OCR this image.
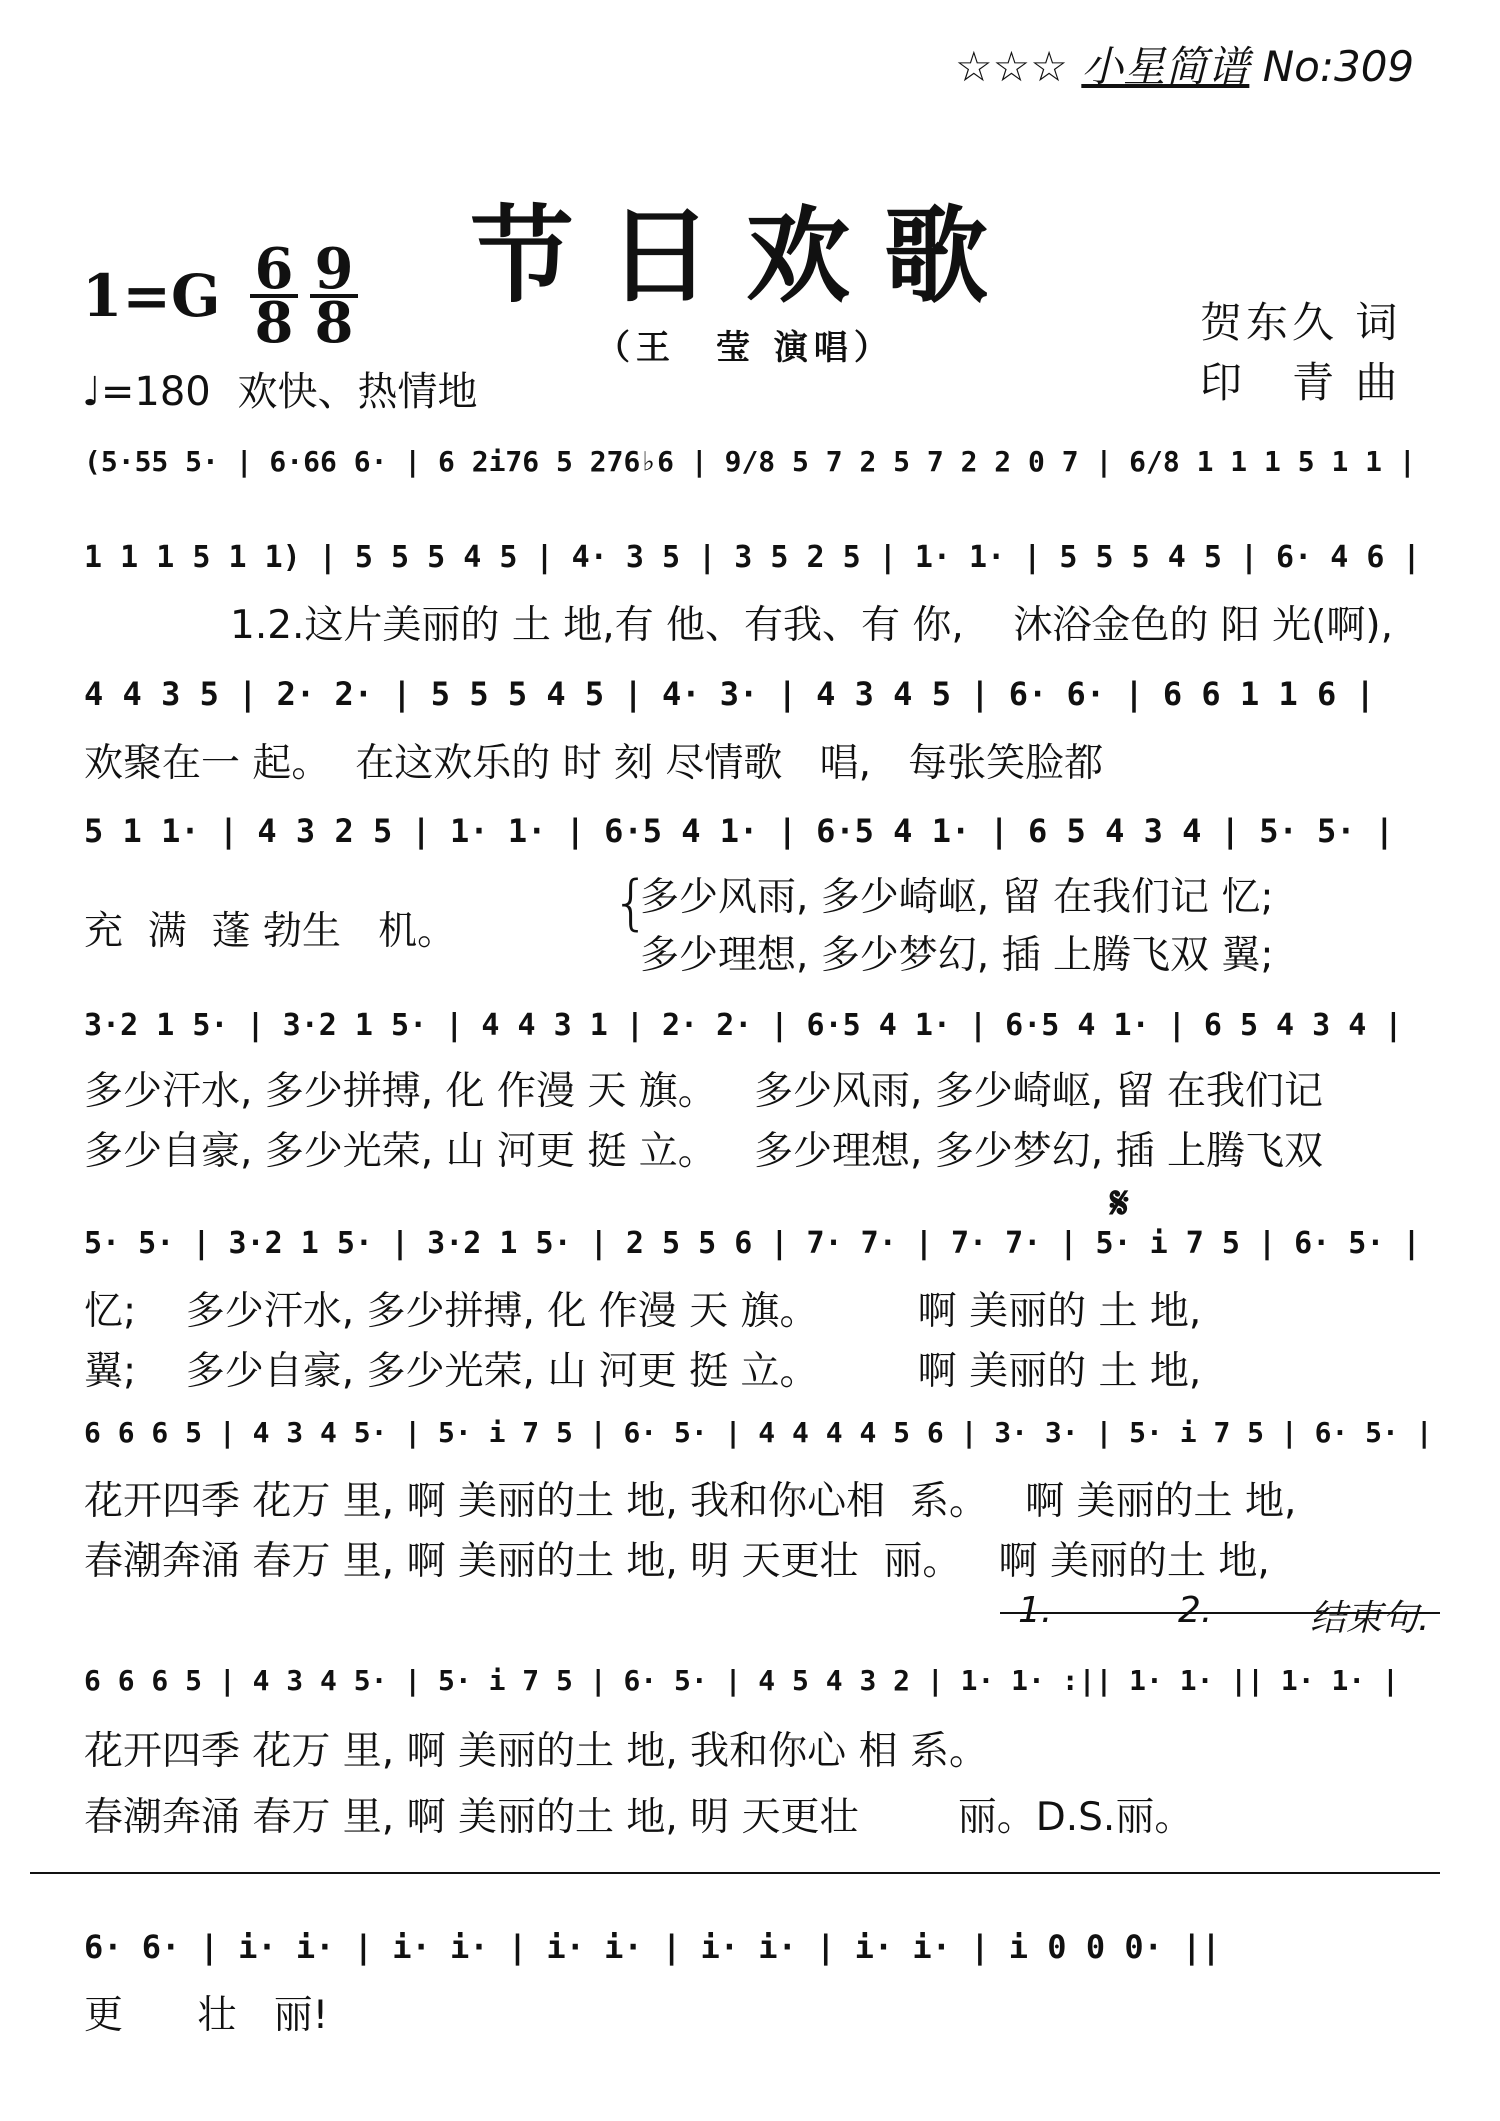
☆☆☆ 小星简谱 No:309
节日欢歌
（王　莹 演唱）
1=G 6
8
9
8
♩=180 欢快、热情地
贺东久 词
印　青 曲
(5·55 5· | 6·66 6· | 6 2i76 5 276♭6 | 9/8 5 7 2 5 7 2 2 0 7 | 6/8 1 1 1 5 1 1 |
1 1 1 5 1 1) | 5 5 5 4 5 | 4· 3 5 | 3 5 2 5 | 1· 1· | 5 5 5 4 5 | 6· 4 6 |
1.2.这片美丽的 土 地,有 他、有我、有 你,    沐浴金色的 阳 光(啊),
4 4 3 5 | 2· 2· | 5 5 5 4 5 | 4· 3· | 4 3 4 5 | 6· 6· | 6 6 1 1 6 |
欢聚在一 起。  在这欢乐的 时 刻 尽情歌   唱,   每张笑脸都
5 1 1· | 4 3 2 5 | 1· 1· | 6·5 4 1· | 6·5 4 1· | 6 5 4 3 4 | 5· 5· |
充  满  蓬 勃生   机。	{
多少风雨, 多少崎岖, 留 在我们记 忆;
多少理想, 多少梦幻, 插 上腾飞双 翼;
3·2 1 5· | 3·2 1 5· | 4 4 3 1 | 2· 2· | 6·5 4 1· | 6·5 4 1· | 6 5 4 3 4 |
多少汗水, 多少拼搏, 化 作漫 天 旗。   多少风雨, 多少崎岖, 留 在我们记
多少自豪, 多少光荣, 山 河更 挺 立。   多少理想, 多少梦幻, 插 上腾飞双
𝄋
5· 5· | 3·2 1 5· | 3·2 1 5· | 2 5 5 6 | 7· 7· | 7· 7· | 5· i 7 5 | 6· 5· |
忆;    多少汗水, 多少拼搏, 化 作漫 天 旗。        啊 美丽的 土 地,
翼;    多少自豪, 多少光荣, 山 河更 挺 立。        啊 美丽的 土 地,
6 6 6 5 | 4 3 4 5· | 5· i 7 5 | 6· 5· | 4 4 4 4 5 6 | 3· 3· | 5· i 7 5 | 6· 5· |
花开四季 花万 里, 啊 美丽的土 地, 我和你心相  系。   啊 美丽的土 地,
春潮奔涌 春万 里, 啊 美丽的土 地, 明 天更壮  丽。   啊 美丽的土 地,
1.	2.	结束句.
6 6 6 5 | 4 3 4 5· | 5· i 7 5 | 6· 5· | 4 5 4 3 2 | 1· 1· :|| 1· 1· || 1· 1· |
花开四季 花万 里, 啊 美丽的土 地, 我和你心 相 系。
春潮奔涌 春万 里, 啊 美丽的土 地, 明 天更壮        丽。D.S.丽。
6· 6· | i· i· | i· i· | i· i· | i· i· | i· i· | i 0 0 0· ||
更      壮   丽!
